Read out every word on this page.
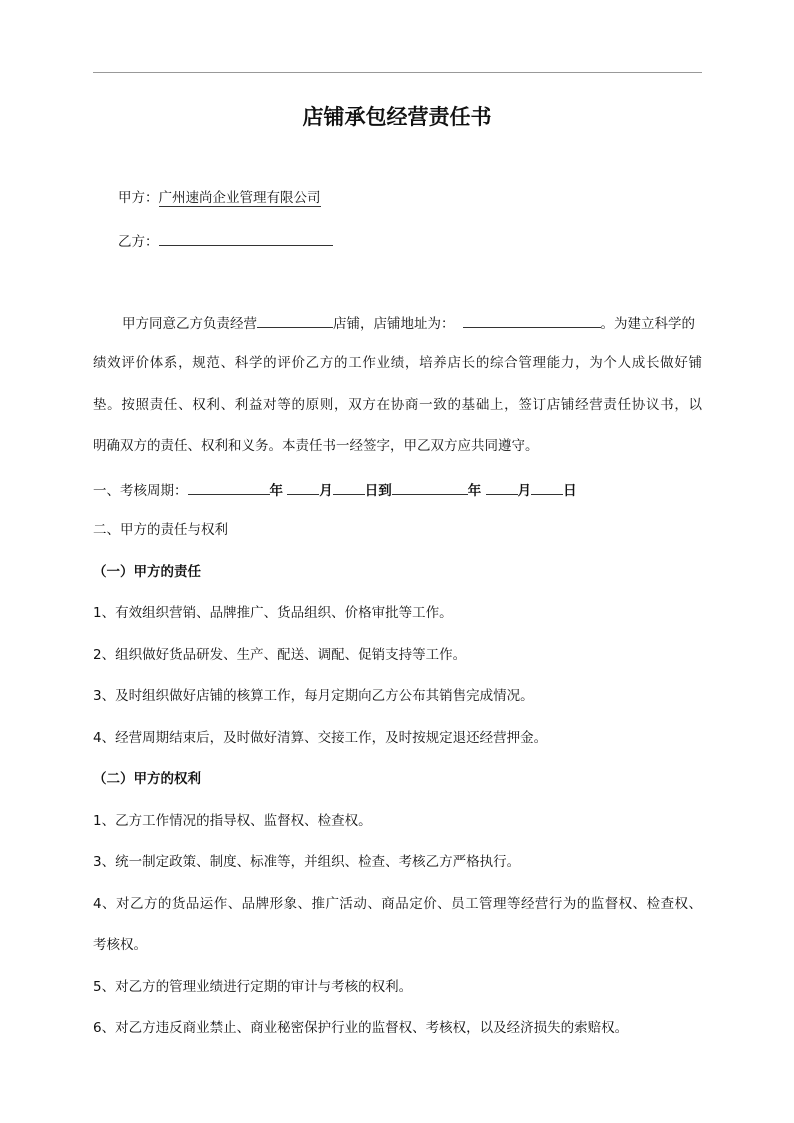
店铺承包经营责任书
甲方：广州速尚企业管理有限公司
乙方：
甲方同意乙方负责经营	店铺，店铺地址为：	。为建立科学的
绩效评价体系，规范、科学的评价乙方的工作业绩，培养店长的综合管理能力，为个人成长做好铺
垫。按照责任、权利、利益对等的原则，双方在协商一致的基础上，签订店铺经营责任协议书，以
明确双方的责任、权利和义务。本责任书一经签字，甲乙双方应共同遵守。
一、考核周期：	年	月 日到	年	月 日
二、甲方的责任与权利
（一）甲方的责任
1、有效组织营销、品牌推广、货品组织、价格审批等工作。
2、组织做好货品研发、生产、配送、调配、促销支持等工作。
3、及时组织做好店铺的核算工作，每月定期向乙方公布其销售完成情况。
4、经营周期结束后，及时做好清算、交接工作，及时按规定退还经营押金。
（二）甲方的权利
1、乙方工作情况的指导权、监督权、检查权。
3、统一制定政策、制度、标准等，并组织、检查、考核乙方严格执行。
4、对乙方的货品运作、品牌形象、推广活动、商品定价、员工管理等经营行为的监督权、检查权、
考核权。
5、对乙方的管理业绩进行定期的审计与考核的权利。
6、对乙方违反商业禁止、商业秘密保护行业的监督权、考核权，以及经济损失的索赔权。
